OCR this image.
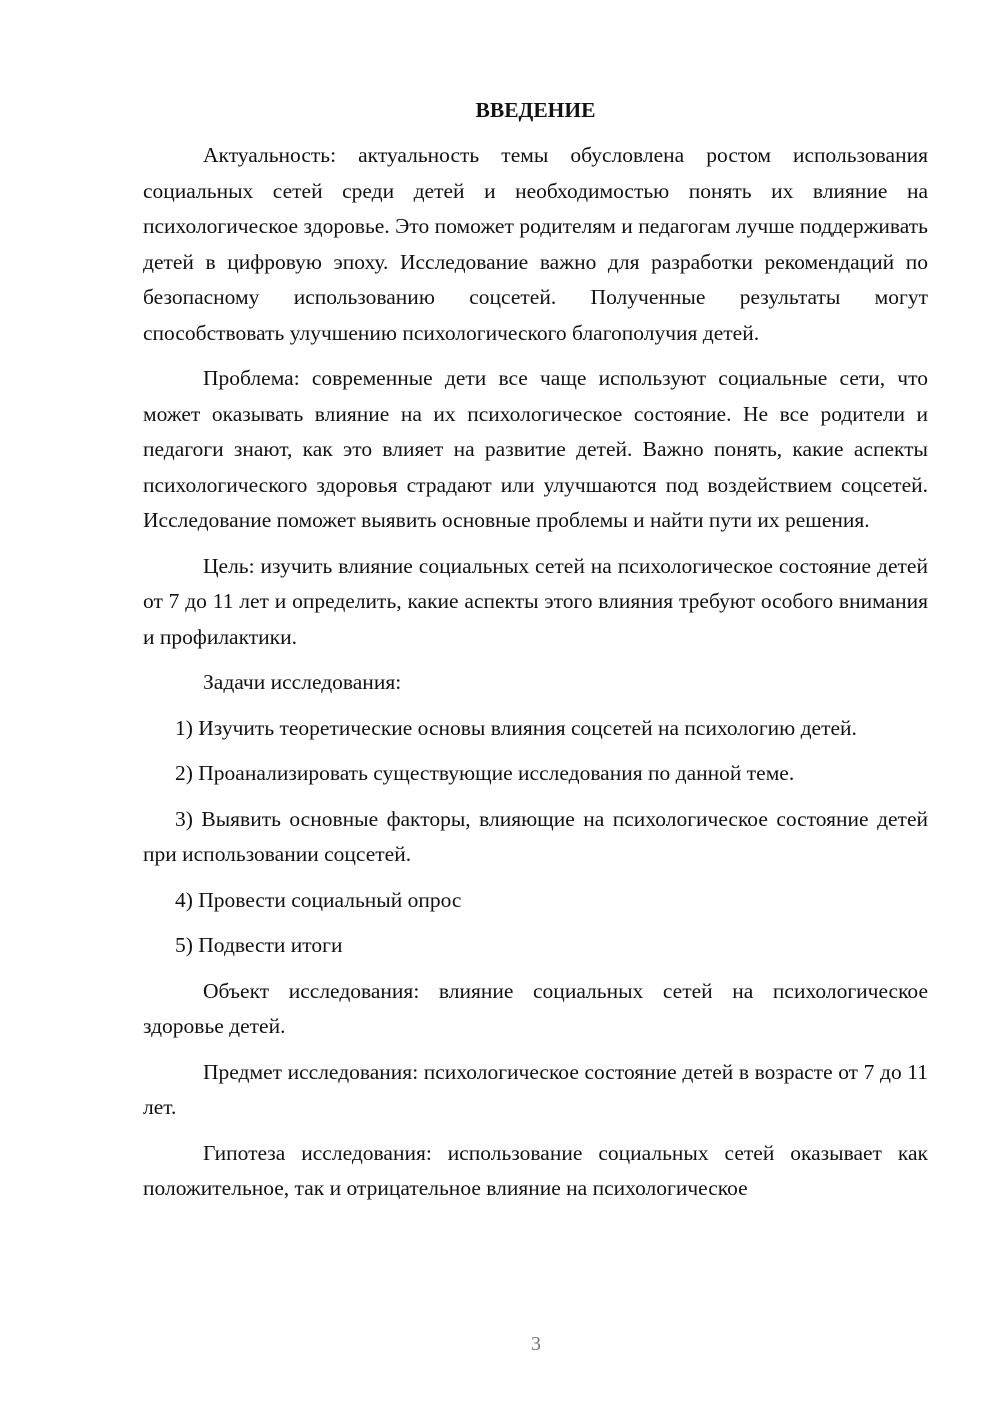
ВВЕДЕНИЕ

Актуальность: актуальность темы обусловлена ростом использования социальных сетей среди детей и необходимостью понять их влияние на психологическое здоровье. Это поможет родителям и педагогам лучше поддерживать детей в цифровую эпоху. Исследование важно для разработки рекомендаций по безопасному использованию соцсетей. Полученные результаты могут способствовать улучшению психологического благополучия детей.

Проблема: современные дети все чаще используют социальные сети, что может оказывать влияние на их психологическое состояние. Не все родители и педагоги знают, как это влияет на развитие детей. Важно понять, какие аспекты психологического здоровья страдают или улучшаются под воздействием соцсетей. Исследование поможет выявить основные проблемы и найти пути их решения.

Цель: изучить влияние социальных сетей на психологическое состояние детей от 7 до 11 лет и определить, какие аспекты этого влияния требуют особого внимания и профилактики.

Задачи исследования:

1) Изучить теоретические основы влияния соцсетей на психологию детей.

2) Проанализировать существующие исследования по данной теме.

3) Выявить основные факторы, влияющие на психологическое состояние детей при использовании соцсетей.

4) Провести социальный опрос

5) Подвести итоги

Объект исследования: влияние социальных сетей на психологическое здоровье детей.

Предмет исследования: психологическое состояние детей в возрасте от 7 до 11 лет.

Гипотеза исследования: использование социальных сетей оказывает как положительное, так и отрицательное влияние на психологическое

3
